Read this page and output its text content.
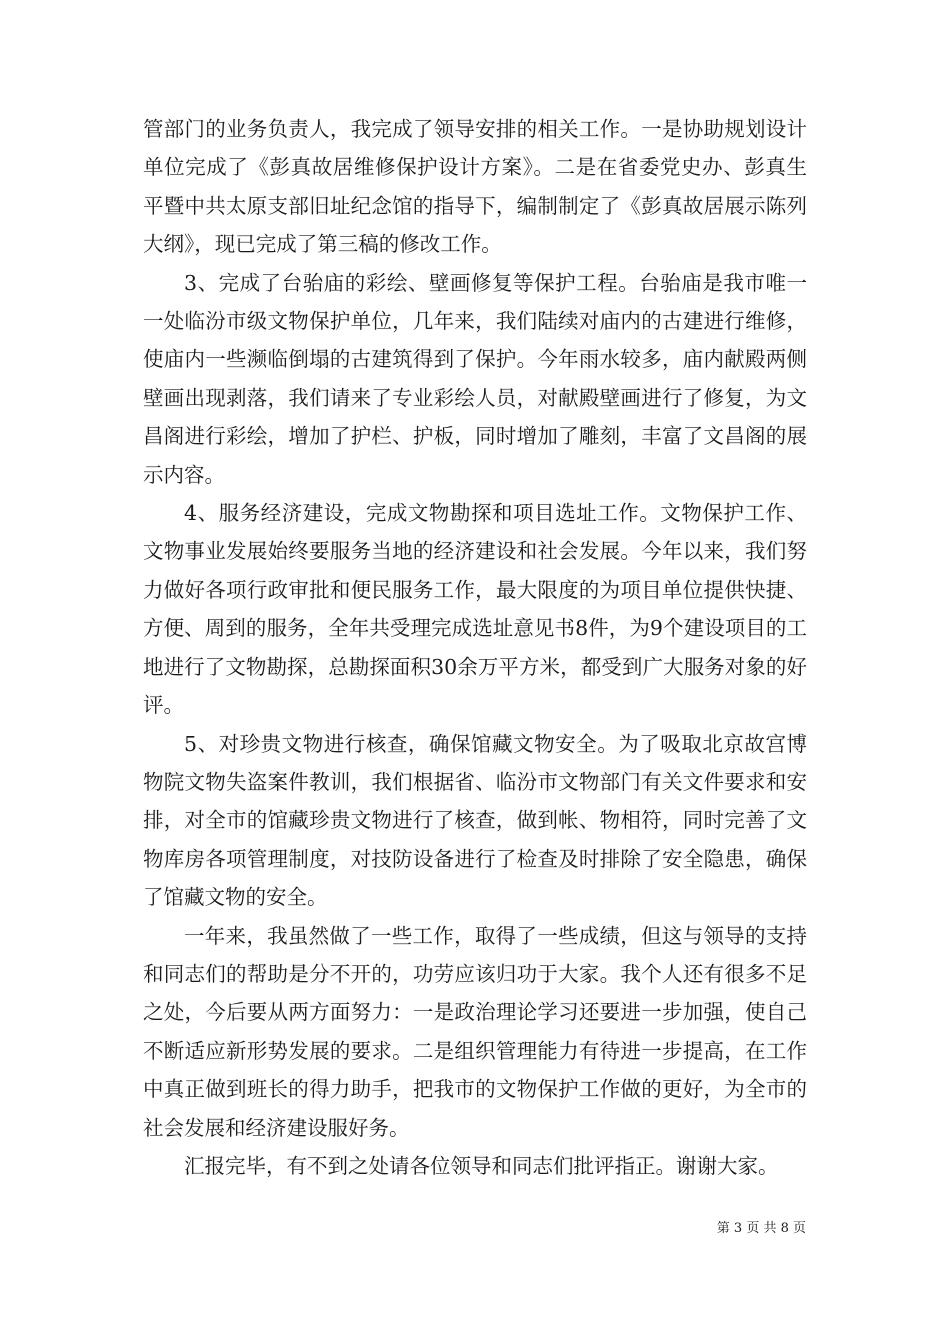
管部门的业务负责人，我完成了领导安排的相关工作。一是协助规划设计单位完成了《彭真故居维修保护设计方案》。二是在省委党史办、彭真生平暨中共太原支部旧址纪念馆的指导下，编制制定了《彭真故居展示陈列大纲》，现已完成了第三稿的修改工作。

3、完成了台骀庙的彩绘、壁画修复等保护工程。台骀庙是我市唯一一处临汾市级文物保护单位，几年来，我们陆续对庙内的古建进行维修，使庙内一些濒临倒塌的古建筑得到了保护。今年雨水较多，庙内献殿两侧壁画出现剥落，我们请来了专业彩绘人员，对献殿壁画进行了修复，为文昌阁进行彩绘，增加了护栏、护板，同时增加了雕刻，丰富了文昌阁的展示内容。

4、服务经济建设，完成文物勘探和项目选址工作。文物保护工作、文物事业发展始终要服务当地的经济建设和社会发展。今年以来，我们努力做好各项行政审批和便民服务工作，最大限度的为项目单位提供快捷、方便、周到的服务，全年共受理完成选址意见书8件，为9个建设项目的工地进行了文物勘探，总勘探面积30余万平方米，都受到广大服务对象的好评。

5、对珍贵文物进行核查，确保馆藏文物安全。为了吸取北京故宫博物院文物失盗案件教训，我们根据省、临汾市文物部门有关文件要求和安排，对全市的馆藏珍贵文物进行了核查，做到帐、物相符，同时完善了文物库房各项管理制度，对技防设备进行了检查及时排除了安全隐患，确保了馆藏文物的安全。

一年来，我虽然做了一些工作，取得了一些成绩，但这与领导的支持和同志们的帮助是分不开的，功劳应该归功于大家。我个人还有很多不足之处，今后要从两方面努力：一是政治理论学习还要进一步加强，使自己不断适应新形势发展的要求。二是组织管理能力有待进一步提高，在工作中真正做到班长的得力助手，把我市的文物保护工作做的更好，为全市的社会发展和经济建设服好务。

汇报完毕，有不到之处请各位领导和同志们批评指正。谢谢大家。

第 3 页 共 8 页
